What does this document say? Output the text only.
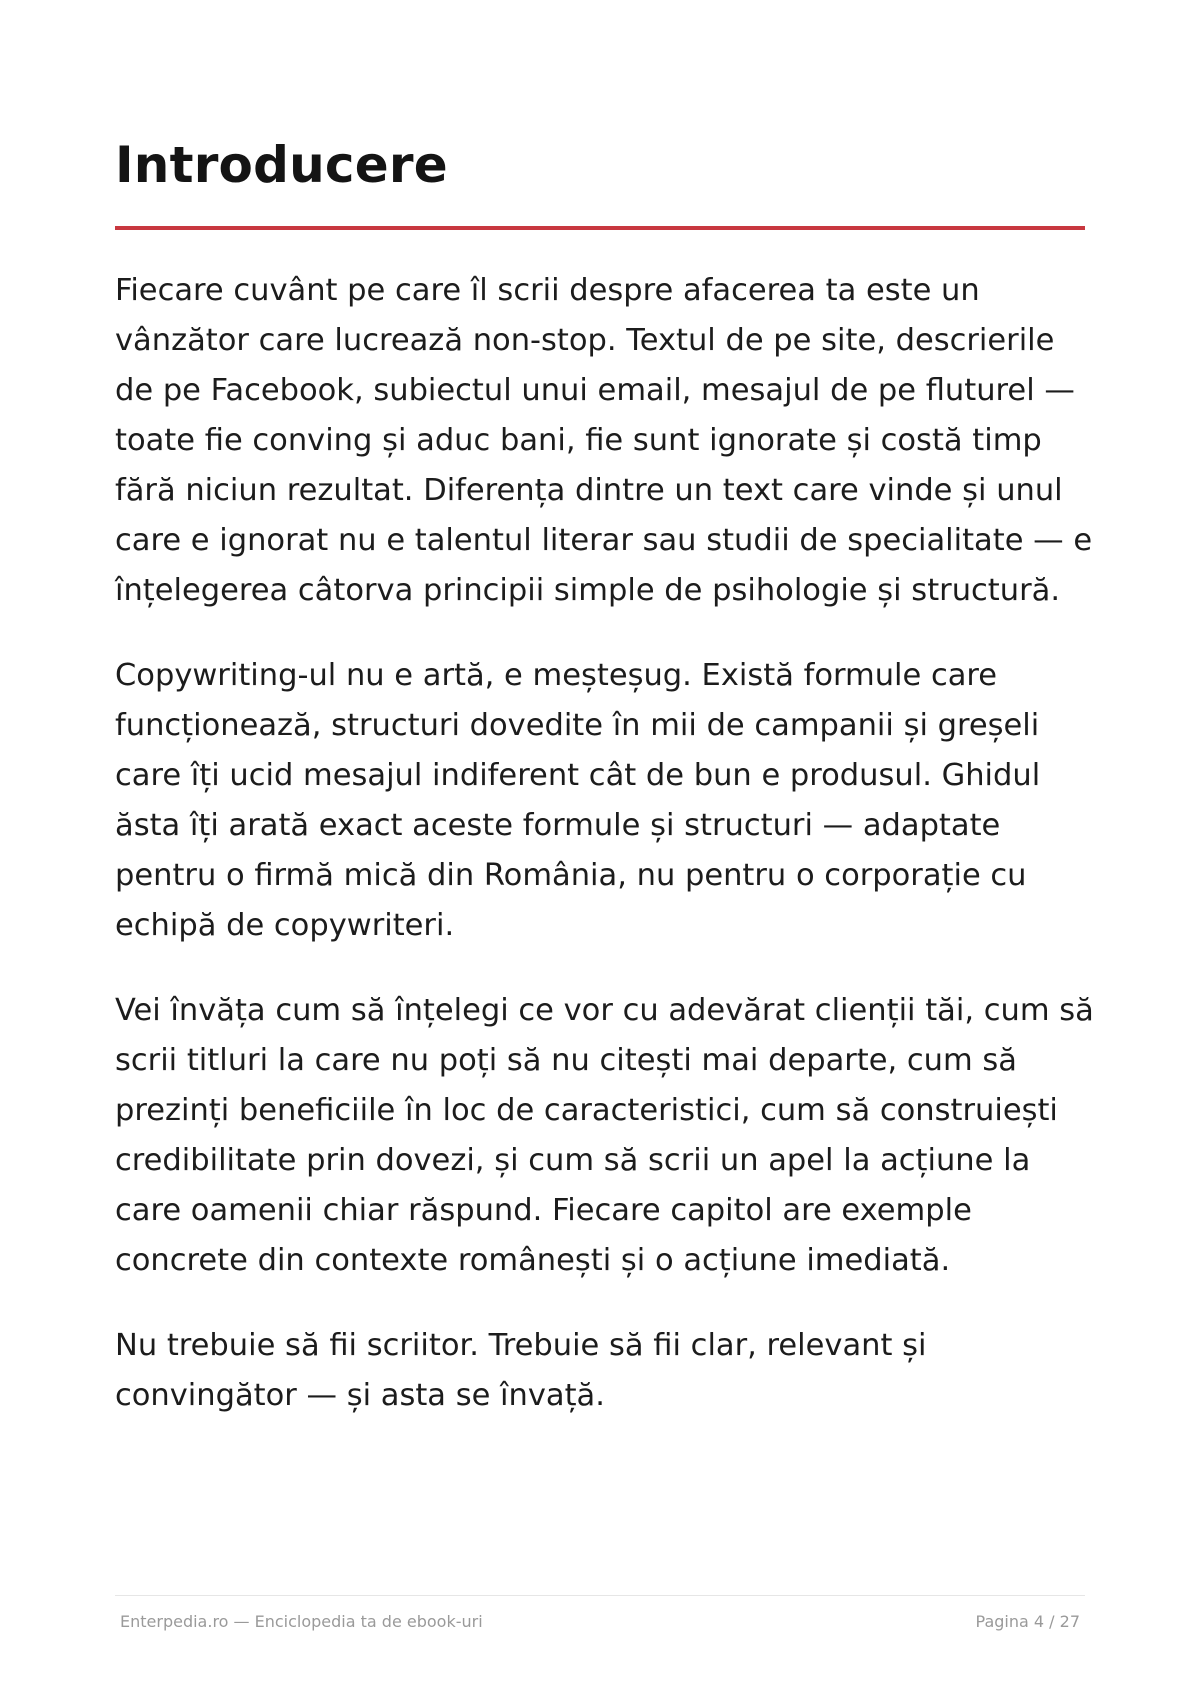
Introducere

Fiecare cuvânt pe care îl scrii despre afacerea ta este un vânzător care lucrează non-stop. Textul de pe site, descrierile de pe Facebook, subiectul unui email, mesajul de pe fluturel — toate fie conving și aduc bani, fie sunt ignorate și costă timp fără niciun rezultat. Diferența dintre un text care vinde și unul care e ignorat nu e talentul literar sau studii de specialitate — e înțelegerea câtorva principii simple de psihologie și structură.

Copywriting-ul nu e artă, e meșteșug. Există formule care funcționează, structuri dovedite în mii de campanii și greșeli care îți ucid mesajul indiferent cât de bun e produsul. Ghidul ăsta îți arată exact aceste formule și structuri — adaptate pentru o firmă mică din România, nu pentru o corporație cu echipă de copywriteri.

Vei învăța cum să înțelegi ce vor cu adevărat clienții tăi, cum să scrii titluri la care nu poți să nu citești mai departe, cum să prezinți beneficiile în loc de caracteristici, cum să construiești credibilitate prin dovezi, și cum să scrii un apel la acțiune la care oamenii chiar răspund. Fiecare capitol are exemple concrete din contexte românești și o acțiune imediată.

Nu trebuie să fii scriitor. Trebuie să fii clar, relevant și convingător — și asta se învață.

Enterpedia.ro — Enciclopedia ta de ebook-uri	Pagina 4 / 27
